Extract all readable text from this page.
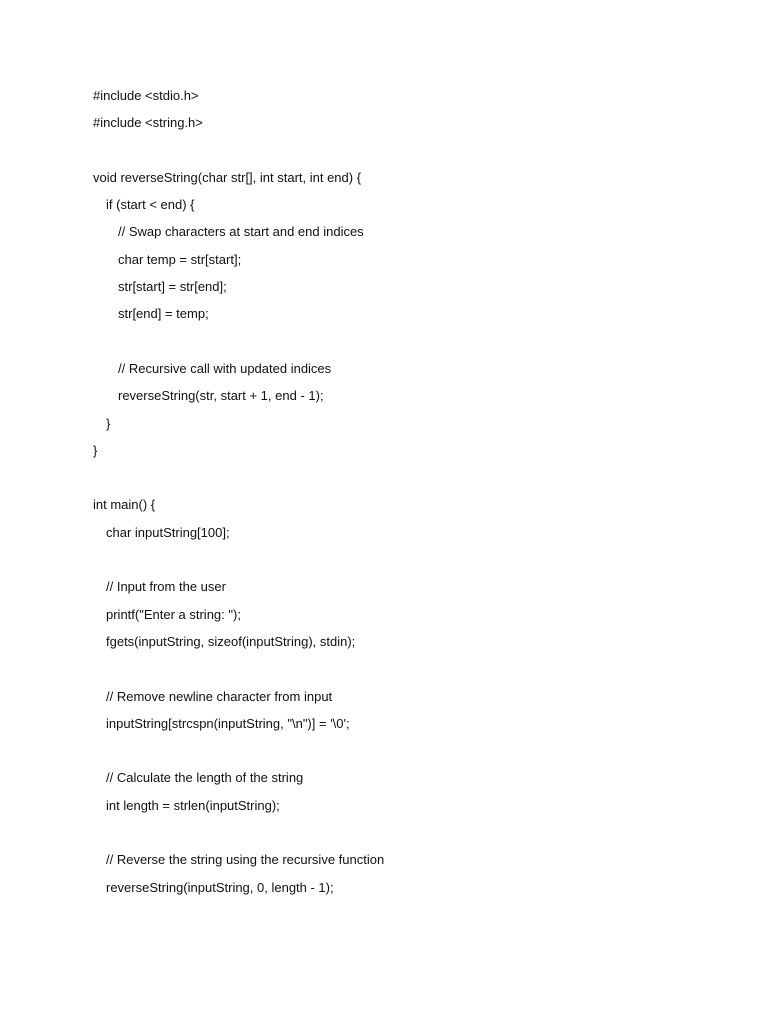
#include <stdio.h>
#include <string.h>
void reverseString(char str[], int start, int end) {
if (start < end) {
// Swap characters at start and end indices
char temp = str[start];
str[start] = str[end];
str[end] = temp;
// Recursive call with updated indices
reverseString(str, start + 1, end - 1);
}
}
int main() {
char inputString[100];
// Input from the user
printf("Enter a string: ");
fgets(inputString, sizeof(inputString), stdin);
// Remove newline character from input
inputString[strcspn(inputString, "\n")] = '\0';
// Calculate the length of the string
int length = strlen(inputString);
// Reverse the string using the recursive function
reverseString(inputString, 0, length - 1);
